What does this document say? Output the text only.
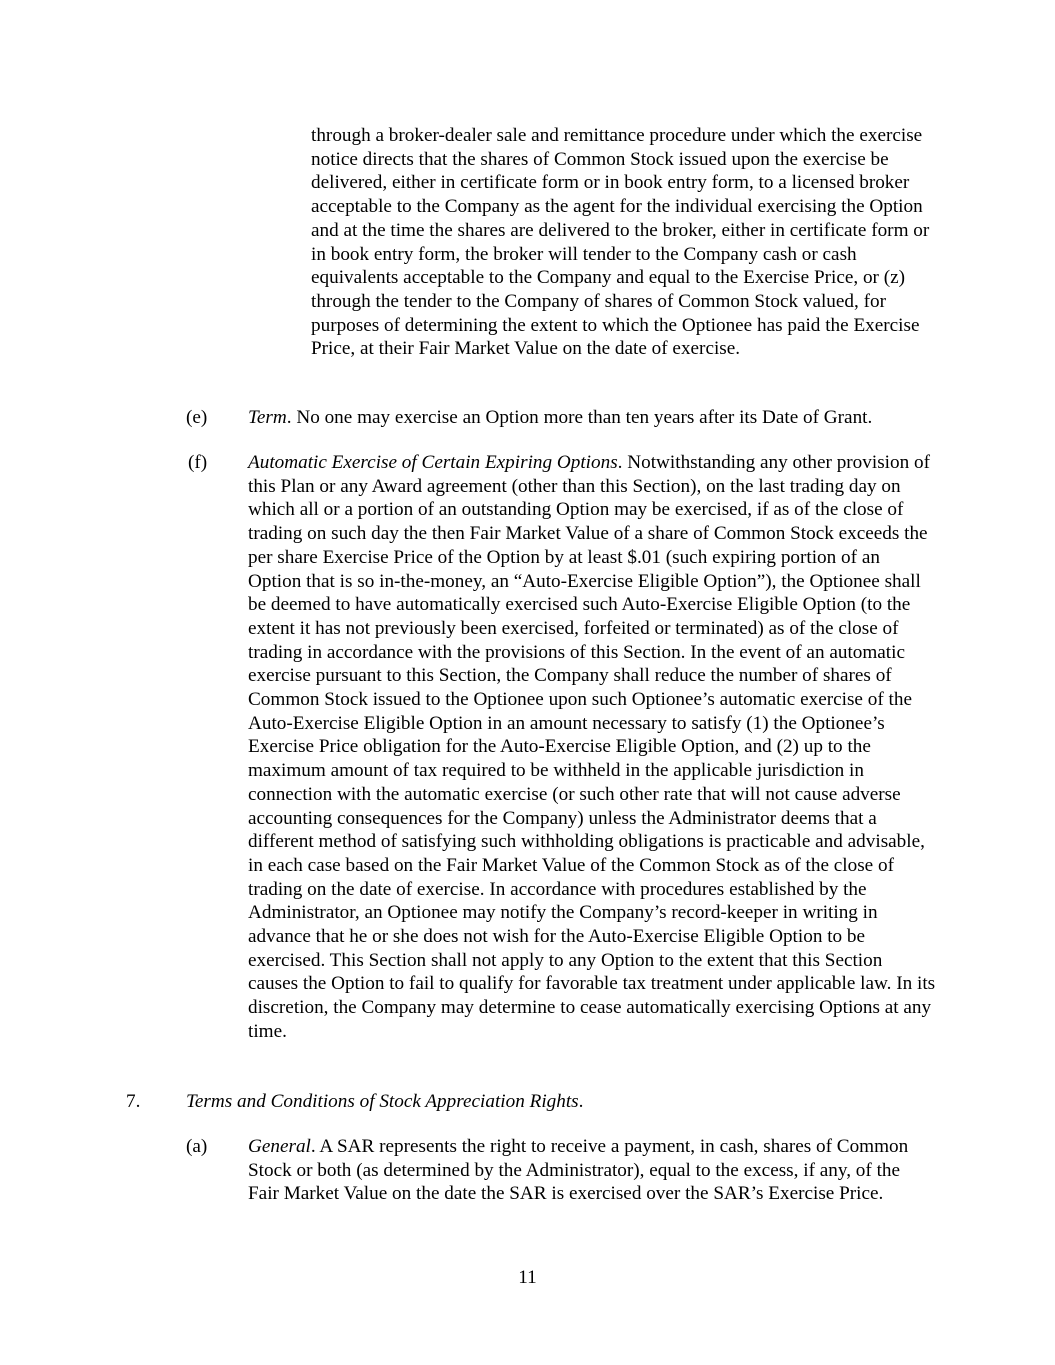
through a broker-dealer sale and remittance procedure under which the exercise notice directs that the shares of Common Stock issued upon the exercise be delivered, either in certificate form or in book entry form, to a licensed broker acceptable to the Company as the agent for the individual exercising the Option and at the time the shares are delivered to the broker, either in certificate form or in book entry form, the broker will tender to the Company cash or cash equivalents acceptable to the Company and equal to the Exercise Price, or (z) through the tender to the Company of shares of Common Stock valued, for purposes of determining the extent to which the Optionee has paid the Exercise Price, at their Fair Market Value on the date of exercise.

(e) Term. No one may exercise an Option more than ten years after its Date of Grant.

(f) Automatic Exercise of Certain Expiring Options. Notwithstanding any other provision of this Plan or any Award agreement (other than this Section), on the last trading day on which all or a portion of an outstanding Option may be exercised, if as of the close of trading on such day the then Fair Market Value of a share of Common Stock exceeds the per share Exercise Price of the Option by at least $.01 (such expiring portion of an Option that is so in-the-money, an “Auto-Exercise Eligible Option”), the Optionee shall be deemed to have automatically exercised such Auto-Exercise Eligible Option (to the extent it has not previously been exercised, forfeited or terminated) as of the close of trading in accordance with the provisions of this Section. In the event of an automatic exercise pursuant to this Section, the Company shall reduce the number of shares of Common Stock issued to the Optionee upon such Optionee’s automatic exercise of the Auto-Exercise Eligible Option in an amount necessary to satisfy (1) the Optionee’s Exercise Price obligation for the Auto-Exercise Eligible Option, and (2) up to the maximum amount of tax required to be withheld in the applicable jurisdiction in connection with the automatic exercise (or such other rate that will not cause adverse accounting consequences for the Company) unless the Administrator deems that a different method of satisfying such withholding obligations is practicable and advisable, in each case based on the Fair Market Value of the Common Stock as of the close of trading on the date of exercise. In accordance with procedures established by the Administrator, an Optionee may notify the Company’s record-keeper in writing in advance that he or she does not wish for the Auto-Exercise Eligible Option to be exercised. This Section shall not apply to any Option to the extent that this Section causes the Option to fail to qualify for favorable tax treatment under applicable law. In its discretion, the Company may determine to cease automatically exercising Options at any time.

7. Terms and Conditions of Stock Appreciation Rights.

(a) General. A SAR represents the right to receive a payment, in cash, shares of Common Stock or both (as determined by the Administrator), equal to the excess, if any, of the Fair Market Value on the date the SAR is exercised over the SAR’s Exercise Price.

11
